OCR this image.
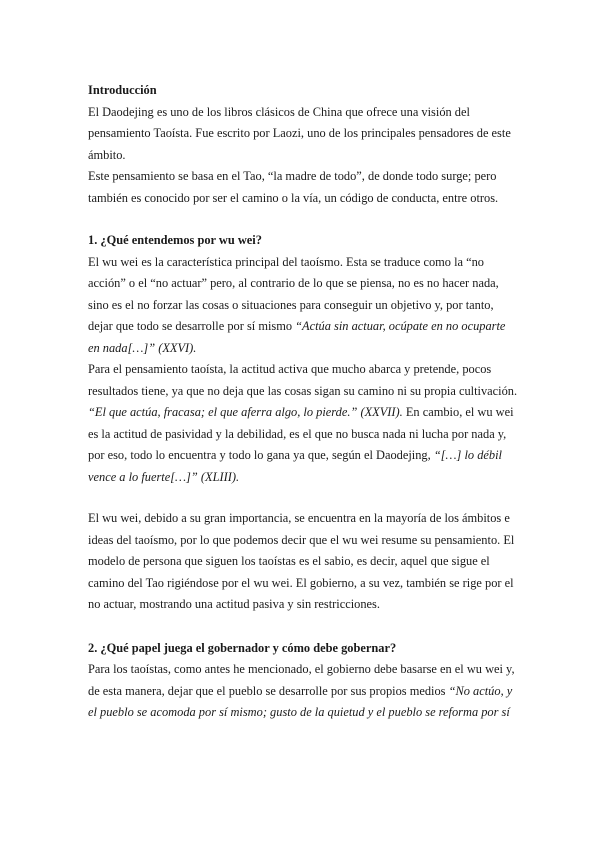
Introducción

El Daodejing es uno de los libros clásicos de China que ofrece una visión del pensamiento Taoísta. Fue escrito por Laozi, uno de los principales pensadores de este ámbito.

Este pensamiento se basa en el Tao, “la madre de todo”, de donde todo surge; pero también es conocido por ser el camino o la vía, un código de conducta, entre otros.

1. ¿Qué entendemos por wu wei?

El wu wei es la característica principal del taoísmo. Esta se traduce como la “no acción” o el “no actuar” pero, al contrario de lo que se piensa, no es no hacer nada, sino es el no forzar las cosas o situaciones para conseguir un objetivo y, por tanto, dejar que todo se desarrolle por sí mismo “Actúa sin actuar, ocúpate en no ocuparte en nada[…]” (XXVI).

Para el pensamiento taoísta, la actitud activa que mucho abarca y pretende, pocos resultados tiene, ya que no deja que las cosas sigan su camino ni su propia cultivación.
“El que actúa, fracasa; el que aferra algo, lo pierde.” (XXVII). En cambio, el wu wei es la actitud de pasividad y la debilidad, es el que no busca nada ni lucha por nada y, por eso, todo lo encuentra y todo lo gana ya que, según el Daodejing, “[…] lo débil vence a lo fuerte[…]” (XLIII).

El wu wei, debido a su gran importancia, se encuentra en la mayoría de los ámbitos e ideas del taoísmo, por lo que podemos decir que el wu wei resume su pensamiento. El modelo de persona que siguen los taoístas es el sabio, es decir, aquel que sigue el camino del Tao rigiéndose por el wu wei. El gobierno, a su vez, también se rige por el no actuar, mostrando una actitud pasiva y sin restricciones.

2. ¿Qué papel juega el gobernador y cómo debe gobernar?

Para los taoístas, como antes he mencionado, el gobierno debe basarse en el wu wei y, de esta manera, dejar que el pueblo se desarrolle por sus propios medios “No actúo, y el pueblo se acomoda por sí mismo; gusto de la quietud y el pueblo se reforma por sí
